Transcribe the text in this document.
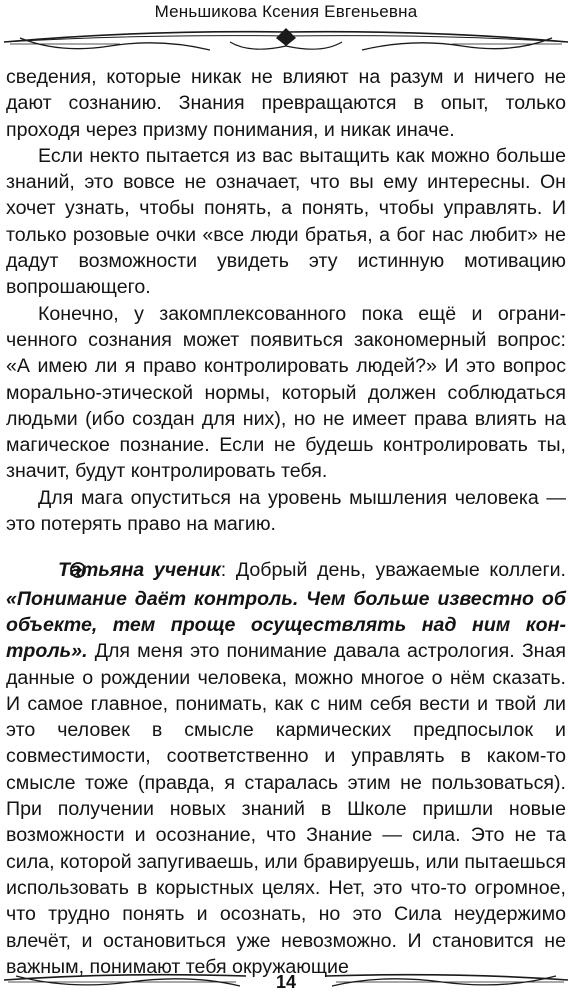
Меньшикова Ксения Евгеньевна

сведения, которые никак не влияют на разум и ничего не дают сознанию. Знания превращаются в опыт, только проходя через призму понимания, и никак иначе.

Если некто пытается из вас вытащить как можно больше знаний, это вовсе не означает, что вы ему интересны. Он хочет узнать, чтобы понять, а понять, чтобы управлять. И только розовые очки «все люди братья, а бог нас любит» не дадут возможности увидеть эту истинную мотивацию вопрошающего.

Конечно, у закомплексованного пока ещё и ограниченного сознания может появиться закономерный вопрос: «А имею ли я право контролировать людей?» И это вопрос морально-этической нормы, который должен соблюдаться людьми (ибо создан для них), но не имеет права влиять на магическое познание. Если не будешь контролировать ты, значит, будут контролировать тебя.

Для мага опуститься на уровень мышления человека — это потерять право на магию.

Татьяна ученик: Добрый день, уважаемые коллеги. «Понимание даёт контроль. Чем больше известно об объекте, тем проще осуществлять над ним контроль». Для меня это понимание давала астрология. Зная данные о рождении человека, можно многое о нём сказать. И самое главное, понимать, как с ним себя вести и твой ли это человек в смысле кармических предпосылок и совместимости, соответственно и управлять в каком-то смысле тоже (правда, я старалась этим не пользоваться). При получении новых знаний в Школе пришли новые возможности и осознание, что Знание — сила. Это не та сила, которой запугиваешь, или бравируешь, или пытаешься использовать в корыстных целях. Нет, это что-то огромное, что трудно понять и осознать, но это Сила неудержимо влечёт, и остановиться уже невозможно. И становится не важным, понимают тебя окружающие

14
